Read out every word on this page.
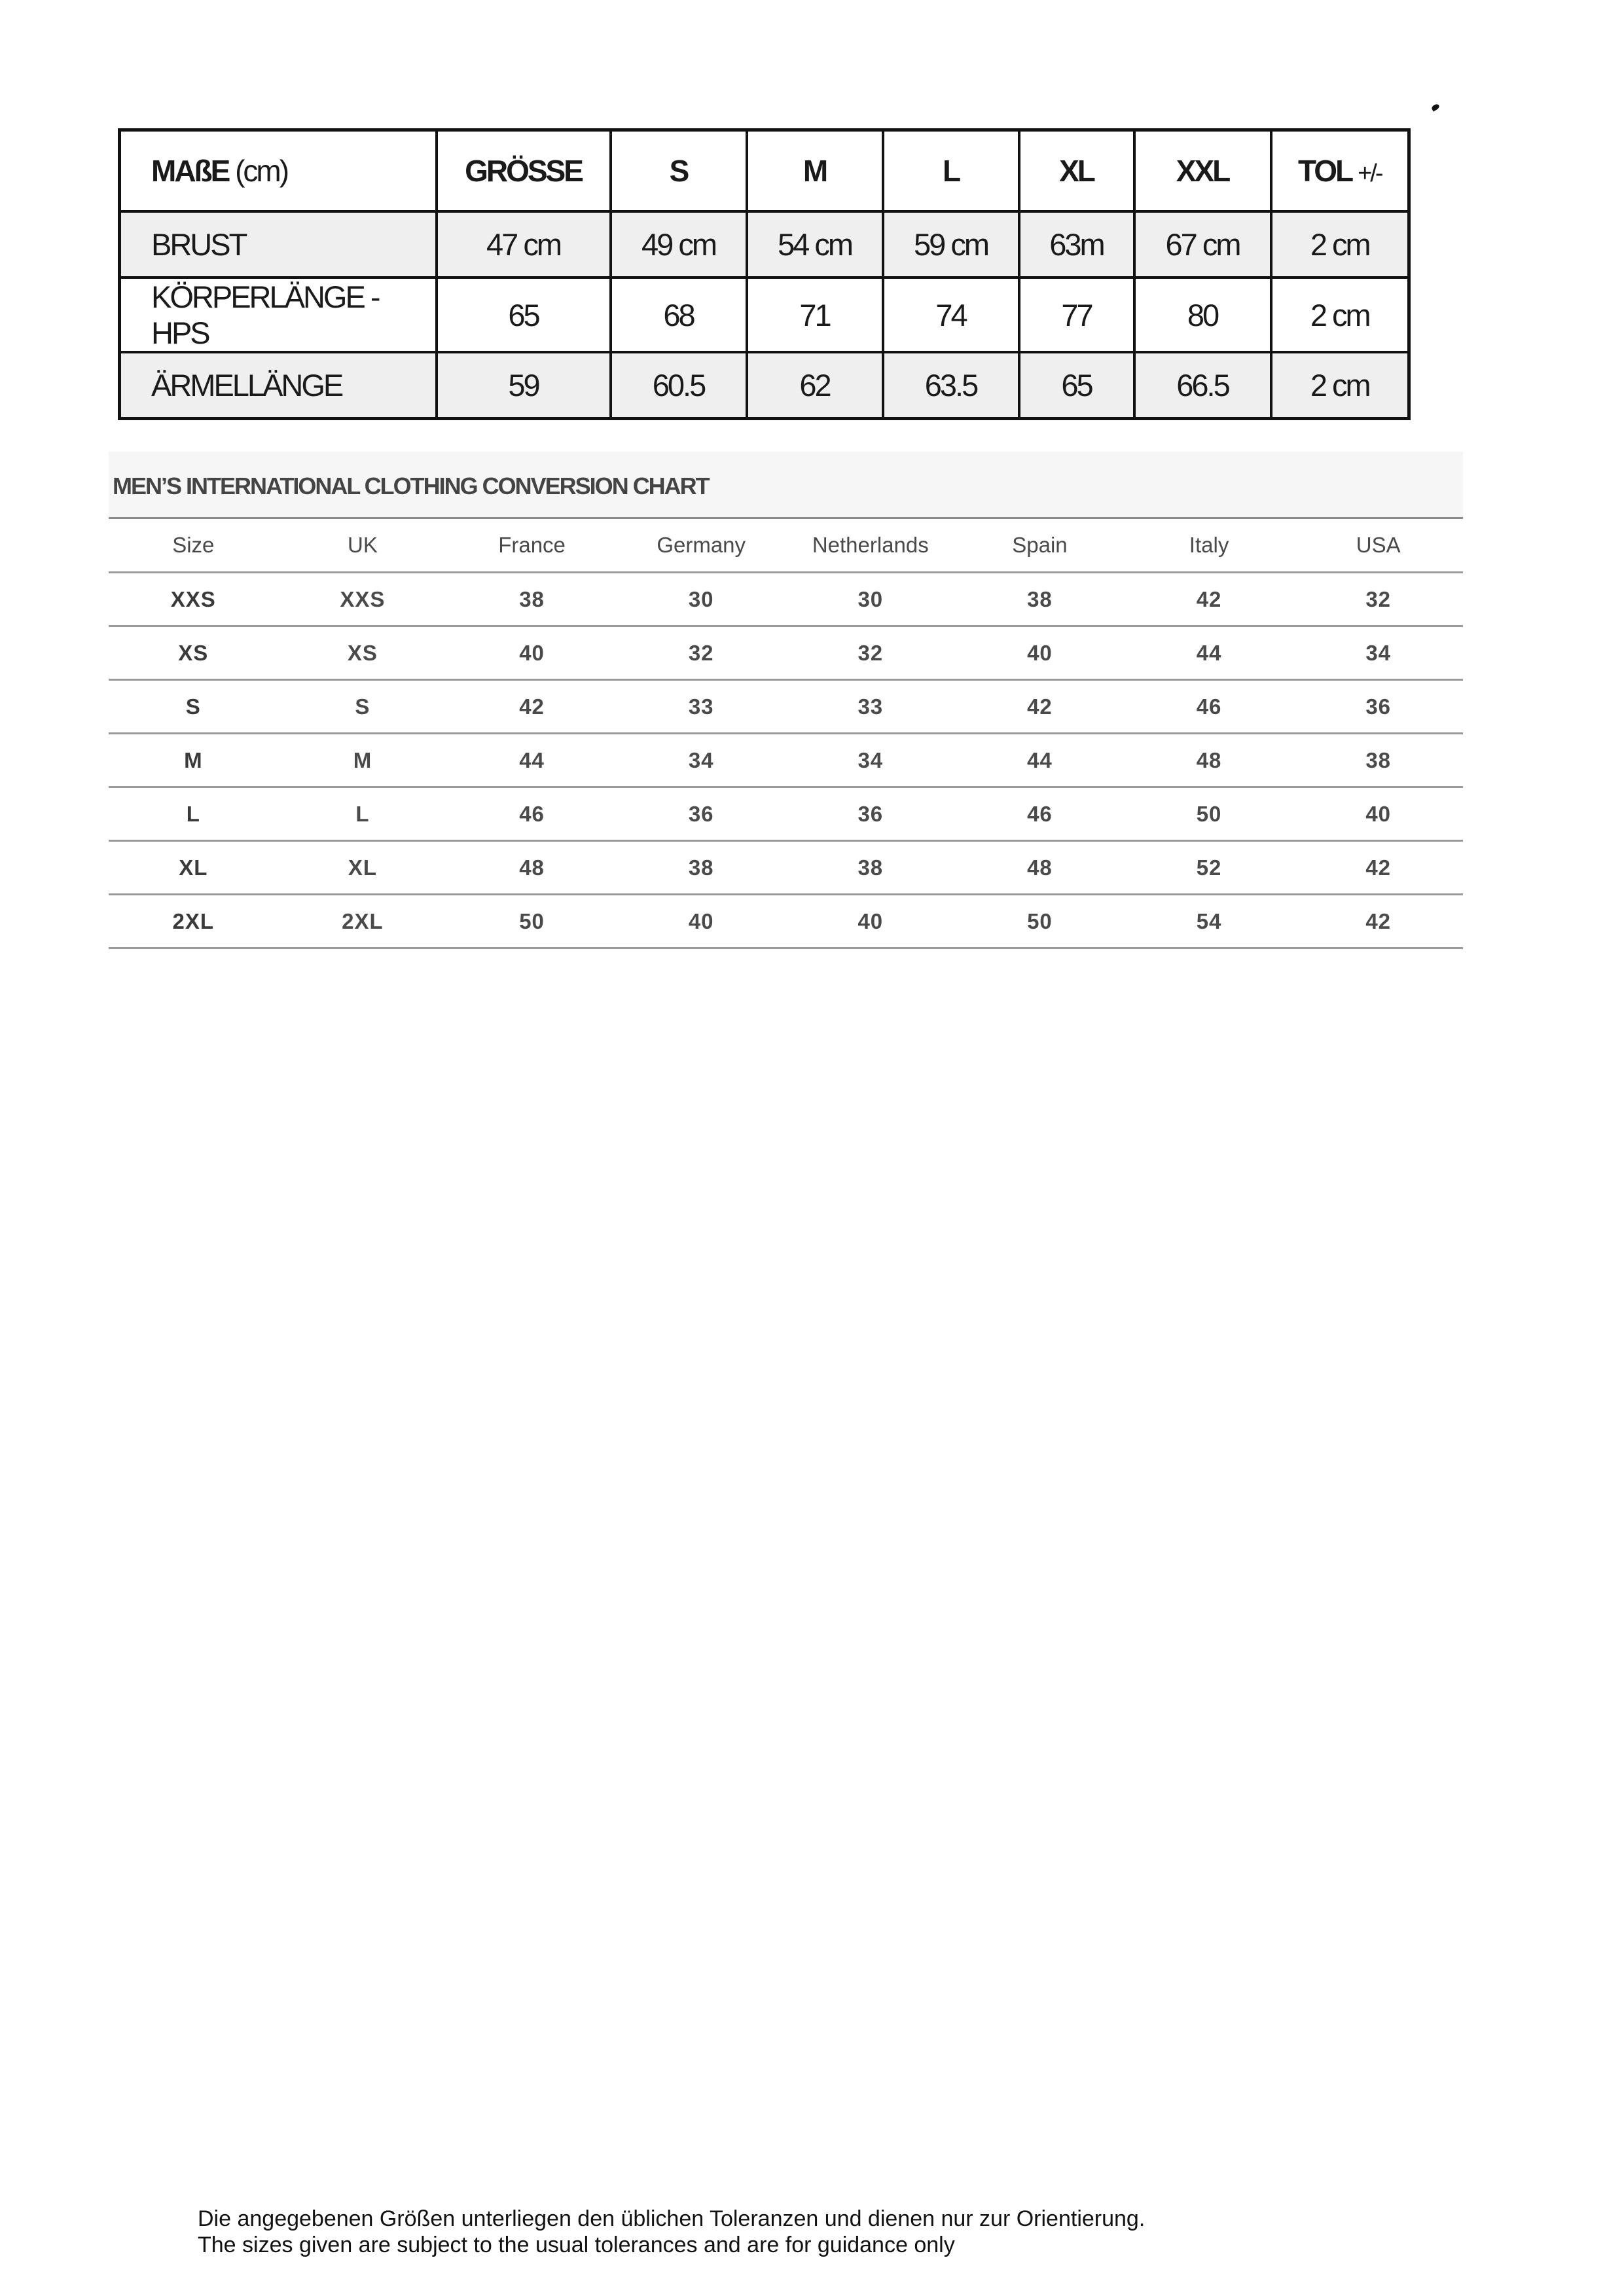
MAßE (cm)	GRÖSSE	S	M	L	XL	XXL	TOL +/-
BRUST	47 cm	49 cm	54 cm	59 cm	63m	67 cm	2 cm
KÖRPERLÄNGE -HPS	65	68	71	74	77	80	2 cm
ÄRMELLÄNGE	59	60.5	62	63.5	65	66.5	2 cm
MEN’S INTERNATIONAL CLOTHING CONVERSION CHART
Size	UK	France	Germany	Netherlands	Spain	Italy	USA
XXS	XXS	38	30	30	38	42	32
XS	XS	40	32	32	40	44	34
S	S	42	33	33	42	46	36
M	M	44	34	34	44	48	38
L	L	46	36	36	46	50	40
XL	XL	48	38	38	48	52	42
2XL	2XL	50	40	40	50	54	42
Die angegebenen Größen unterliegen den üblichen Toleranzen und dienen nur zur Orientierung.
The sizes given are subject to the usual tolerances and are for guidance only
